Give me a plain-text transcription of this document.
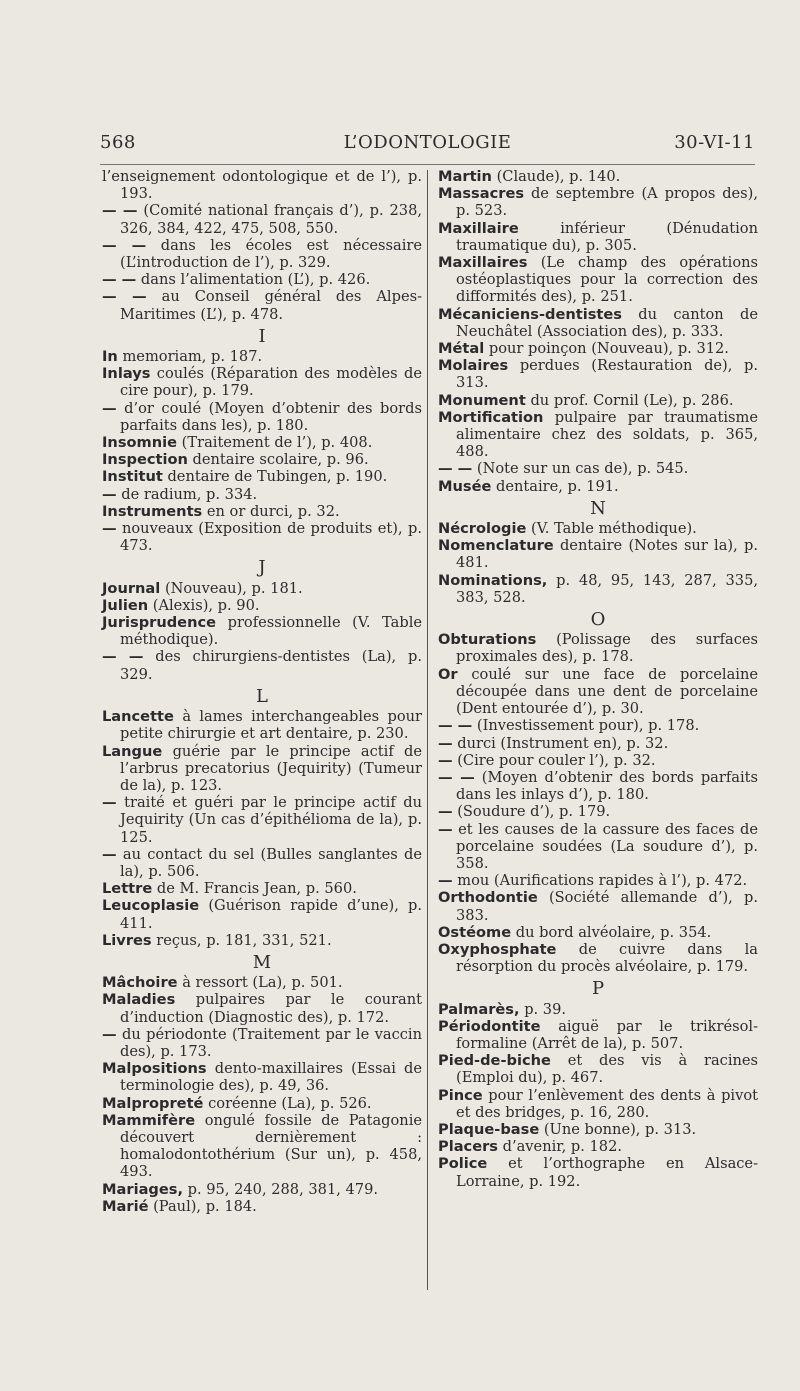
568	L’ODONTOLOGIE	30-VI-11

l’enseignement odontologique et de l’), p. 193.

— — (Comité national français d’), p. 238, 326, 384, 422, 475, 508, 550.

— — dans les écoles est nécessaire (L’introduction de l’), p. 329.

— — dans l’alimentation (L’), p. 426.

— — au Conseil général des Alpes-Maritimes (L’), p. 478.

I

In memoriam, p. 187.

Inlays coulés (Réparation des modèles de cire pour), p. 179.

— d’or coulé (Moyen d’obtenir des bords parfaits dans les), p. 180.

Insomnie (Traitement de l’), p. 408.

Inspection dentaire scolaire, p. 96.

Institut dentaire de Tubingen, p. 190.

— de radium, p. 334.

Instruments en or durci, p. 32.

— nouveaux (Exposition de produits et), p. 473.

J

Journal (Nouveau), p. 181.

Julien (Alexis), p. 90.

Jurisprudence professionnelle (V. Table méthodique).

— — des chirurgiens-dentistes (La), p. 329.

L

Lancette à lames interchangeables pour petite chirurgie et art dentaire, p. 230.

Langue guérie par le principe actif de l’arbrus precatorius (Jequirity) (Tumeur de la), p. 123.

— traité et guéri par le principe actif du Jequirity (Un cas d’épithélioma de la), p. 125.

— au contact du sel (Bulles sanglantes de la), p. 506.

Lettre de M. Francis Jean, p. 560.

Leucoplasie (Guérison rapide d’une), p. 411.

Livres reçus, p. 181, 331, 521.

M

Mâchoire à ressort (La), p. 501.

Maladies pulpaires par le courant d’induction (Diagnostic des), p. 172.

— du périodonte (Traitement par le vaccin des), p. 173.

Malpositions dento-maxillaires (Essai de terminologie des), p. 49, 36.

Malpropreté coréenne (La), p. 526.

Mammifère ongulé fossile de Patagonie découvert dernièrement : homalodontothérium (Sur un), p. 458, 493.

Mariages, p. 95, 240, 288, 381, 479.

Marié (Paul), p. 184.

Martin (Claude), p. 140.

Massacres de septembre (A propos des), p. 523.

Maxillaire	inférieur (Dénudation traumatique du), p. 305.

Maxillaires (Le champ des opérations ostéoplastiques pour la correction des difformités des), p. 251.

Mécaniciens-dentistes du canton de Neuchâtel (Association des), p. 333.

Métal pour poinçon (Nouveau), p. 312.

Molaires perdues (Restauration de), p. 313.

Monument du prof. Cornil (Le), p. 286.

Mortification pulpaire par traumatisme alimentaire chez des soldats, p. 365, 488.

— — (Note sur un cas de), p. 545.

Musée dentaire, p. 191.

N

Nécrologie (V. Table méthodique).

Nomenclature dentaire (Notes sur la), p. 481.

Nominations, p. 48, 95, 143, 287, 335, 383, 528.

O

Obturations (Polissage des surfaces proximales des), p. 178.

Or coulé sur une face de porcelaine découpée dans une dent de porcelaine (Dent entourée d’), p. 30.

— — (Investissement pour), p. 178.

— durci (Instrument en), p. 32.

— (Cire pour couler l’), p. 32.

— — (Moyen d’obtenir des bords parfaits dans les inlays d’), p. 180.

— (Soudure d’), p. 179.

— et les causes de la cassure des faces de porcelaine soudées (La soudure d’), p. 358.

— mou (Aurifications rapides à l’), p. 472.

Orthodontie (Société allemande d’), p. 383.

Ostéome du bord alvéolaire, p. 354.

Oxyphosphate de cuivre dans la résorption du procès alvéolaire, p. 179.

P

Palmarès, p. 39.

Périodontite aiguë par le trikrésol-formaline (Arrêt de la), p. 507.

Pied-de-biche et des vis à racines (Emploi du), p. 467.

Pince pour l’enlèvement des dents à pivot et des bridges, p. 16, 280.

Plaque-base (Une bonne), p. 313.

Placers d’avenir, p. 182.

Police et l’orthographe en Alsace-Lorraine, p. 192.
